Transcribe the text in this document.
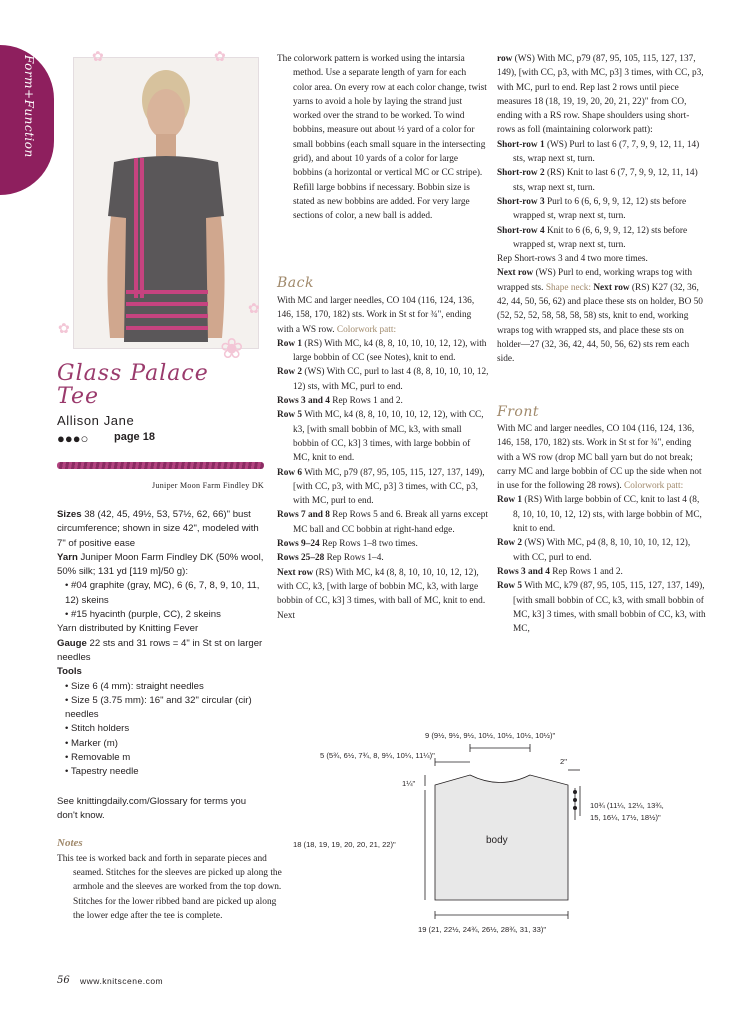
Form+Function	✿	✿
✿
✿
❀
Glass Palace
Tee
Allison Jane
●●●○ page 18
Juniper Moon Farm Findley DK
Sizes 38 (42, 45, 49½, 53, 57½, 62, 66)" bust circumference; shown in size 42", modeled with 7" of positive ease
Yarn Juniper Moon Farm Findley DK (50% wool, 50% silk; 131 yd [119 m]/50 g):
• #04 graphite (gray, MC), 6 (6, 7, 8, 9, 10, 11, 12) skeins
• #15 hyacinth (purple, CC), 2 skeins
Yarn distributed by Knitting Fever
Gauge 22 sts and 31 rows = 4" in St st on larger needles
Tools
• Size 6 (4 mm): straight needles
• Size 5 (3.75 mm): 16" and 32" circular (cir) needles
• Stitch holders
• Marker (m)
• Removable m
• Tapestry needle
See knittingdaily.com/Glossary for terms you don't know.
Notes
This tee is worked back and forth in separate pieces and seamed. Stitches for the sleeves are picked up along the armhole and the sleeves are worked from the top down. Stitches for the lower ribbed band are picked up along the lower edge after the tee is complete.

The colorwork pattern is worked using the intarsia method. Use a separate length of yarn for each color area. On every row at each color change, twist yarns to avoid a hole by laying the strand just worked over the strand to be worked. To wind bobbins, measure out about ½ yard of a color for small bobbins (each small square in the intersecting grid), and about 10 yards of a color for large bobbins (a horizontal or vertical MC or CC stripe). Refill large bobbins if necessary. Bobbin size is stated as new bobbins are added. For very large sections of color, a new ball is added.

Back

With MC and larger needles, CO 104 (116, 124, 136, 146, 158, 170, 182) sts. Work in St st for ¾", ending with a WS row. Colorwork patt:

Row 1 (RS) With MC, k4 (8, 8, 10, 10, 10, 12, 12), with large bobbin of CC (see Notes), knit to end.

Row 2 (WS) With CC, purl to last 4 (8, 8, 10, 10, 10, 12, 12) sts, with MC, purl to end.

Rows 3 and 4 Rep Rows 1 and 2.

Row 5 With MC, k4 (8, 8, 10, 10, 10, 12, 12), with CC, k3, [with small bobbin of MC, k3, with small bobbin of CC, k3] 3 times, with large bobbin of MC, knit to end.

Row 6 With MC, p79 (87, 95, 105, 115, 127, 137, 149), [with CC, p3, with MC, p3] 3 times, with CC, p3, with MC, purl to end.

Rows 7 and 8 Rep Rows 5 and 6. Break all yarns except MC ball and CC bobbin at right-hand edge.

Rows 9–24 Rep Rows 1–8 two times.

Rows 25–28 Rep Rows 1–4.

Next row (RS) With MC, k4 (8, 8, 10, 10, 10, 12, 12), with CC, k3, [with large of bobbin MC, k3, with large bobbin of CC, k3] 3 times, with ball of MC, knit to end. Next

row (WS) With MC, p79 (87, 95, 105, 115, 127, 137, 149), [with CC, p3, with MC, p3] 3 times, with CC, p3, with MC, purl to end. Rep last 2 rows until piece measures 18 (18, 19, 19, 20, 20, 21, 22)" from CO, ending with a RS row. Shape shoulders using short-rows as foll (maintaining colorwork patt):

Short-row 1 (WS) Purl to last 6 (7, 7, 9, 9, 12, 11, 14) sts, wrap next st, turn.

Short-row 2 (RS) Knit to last 6 (7, 7, 9, 9, 12, 11, 14) sts, wrap next st, turn.

Short-row 3 Purl to 6 (6, 6, 9, 9, 12, 12) sts before wrapped st, wrap next st, turn.

Short-row 4 Knit to 6 (6, 6, 9, 9, 12, 12) sts before wrapped st, wrap next st, turn.

Rep Short-rows 3 and 4 two more times.

Next row (WS) Purl to end, working wraps tog with wrapped sts. Shape neck: Next row (RS) K27 (32, 36, 42, 44, 50, 56, 62) and place these sts on holder, BO 50 (52, 52, 52, 58, 58, 58, 58) sts, knit to end, working wraps tog with wrapped sts, and place these sts on holder—27 (32, 36, 42, 44, 50, 56, 62) sts rem each side.

Front

With MC and larger needles, CO 104 (116, 124, 136, 146, 158, 170, 182) sts. Work in St st for ¾", ending with a WS row (drop MC ball yarn but do not break; carry MC and large bobbin of CC up the side when not in use for the following 28 rows). Colorwork patt:

Row 1 (RS) With large bobbin of CC, knit to last 4 (8, 8, 10, 10, 10, 12, 12) sts, with large bobbin of MC, knit to end.

Row 2 (WS) With MC, p4 (8, 8, 10, 10, 10, 12, 12), with CC, purl to end.

Rows 3 and 4 Rep Rows 1 and 2.

Row 5 With MC, k79 (87, 95, 105, 115, 127, 137, 149), [with small bobbin of CC, k3, with small bobbin of MC, k3] 3 times, with small bobbin of CC, k3, with MC,

9 (9½, 9½, 9½, 10½, 10½, 10½, 10½)"
5 (5¾, 6½, 7¾, 8, 9¼, 10¼, 11¼)"
2"
1¼"
10¾ (11¼, 12¼, 13¾,
15, 16¼, 17½, 18½)"
18 (18, 19, 19, 20, 20, 21, 22)"	body
19 (21, 22½, 24¾, 26½, 28¾, 31, 33)"
56 www.knitscene.com
